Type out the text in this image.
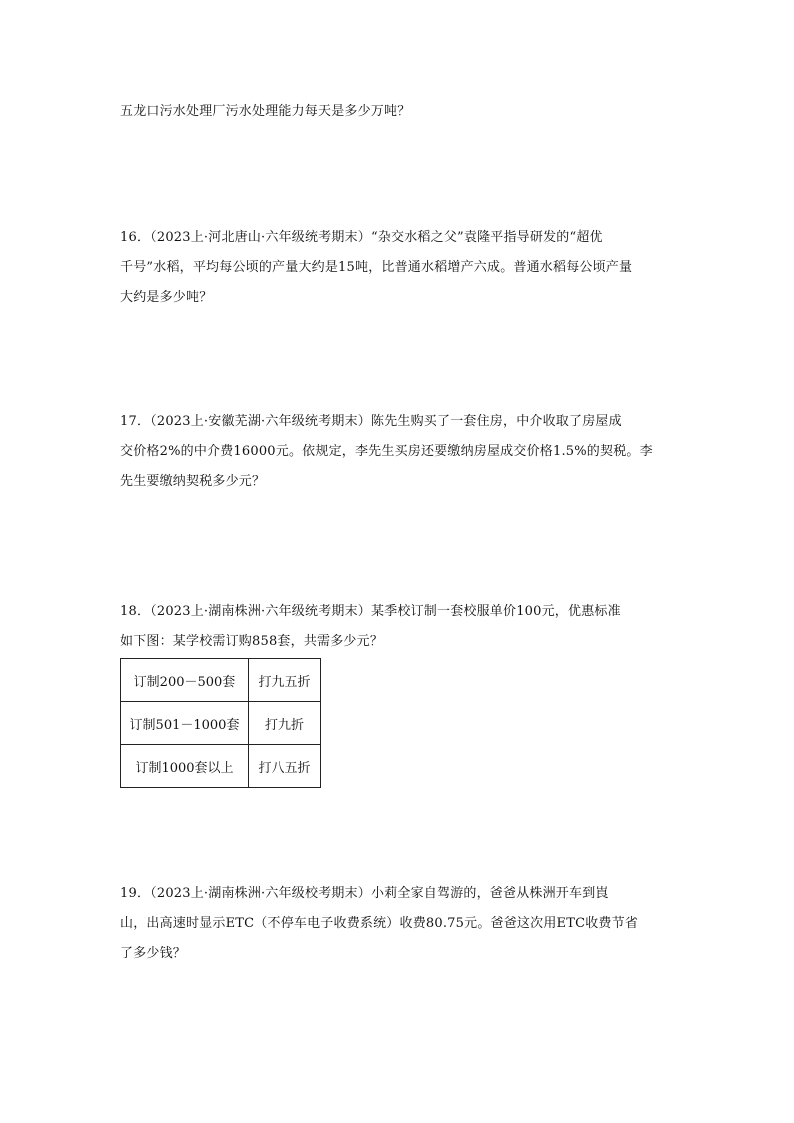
五龙口污水处理厂污水处理能力每天是多少万吨？
16．（2023上·河北唐山·六年级统考期末）“杂交水稻之父”袁隆平指导研发的“超优
千号”水稻，平均每公顷的产量大约是15吨，比普通水稻增产六成。普通水稻每公顷产量
大约是多少吨？
17．（2023上·安徽芜湖·六年级统考期末）陈先生购买了一套住房，中介收取了房屋成
交价格2%的中介费16000元。依规定，李先生买房还要缴纳房屋成交价格1.5%的契税。李
先生要缴纳契税多少元？
18．（2023上·湖南株洲·六年级统考期末）某季校订制一套校服单价100元，优惠标准
如下图：某学校需订购858套，共需多少元？
订制200－500套	打九五折
订制501－1000套	打九折
订制1000套以上	打八五折
19．（2023上·湖南株洲·六年级校考期末）小莉全家自驾游的，爸爸从株洲开车到崀
山，出高速时显示ETC（不停车电子收费系统）收费80.75元。爸爸这次用ETC收费节省
了多少钱？
